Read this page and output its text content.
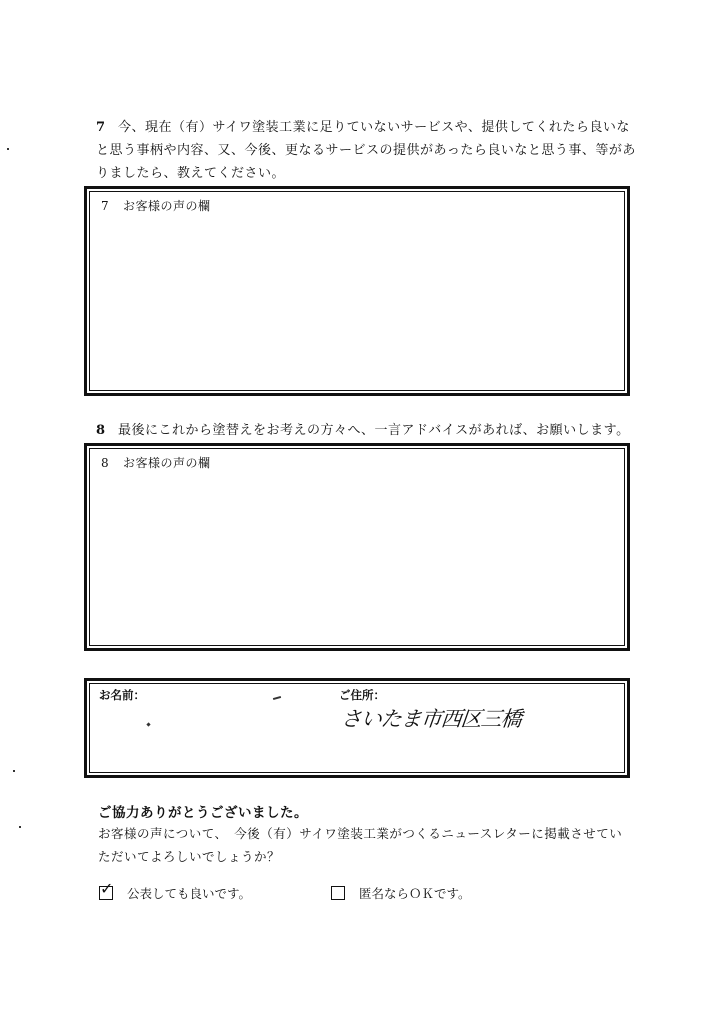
7 今、現在（有）サイワ塗装工業に足りていないサービスや、提供してくれたら良いなと思う事柄や内容、又、今後、更なるサービスの提供があったら良いなと思う事、等がありましたら、教えてください。
7 お客様の声の欄
8 最後にこれから塗替えをお考えの方々へ、一言アドバイスがあれば、お願いします。
8 お客様の声の欄
お名前：	ご住所：
さいたま市西区三橋
ご協力ありがとうございました。
お客様の声について、　今後（有）サイワ塗装工業がつくるニュースレターに掲載させていただいてよろしいでしょうか？
✓ 公表しても良いです。	匿名ならＯＫです。
